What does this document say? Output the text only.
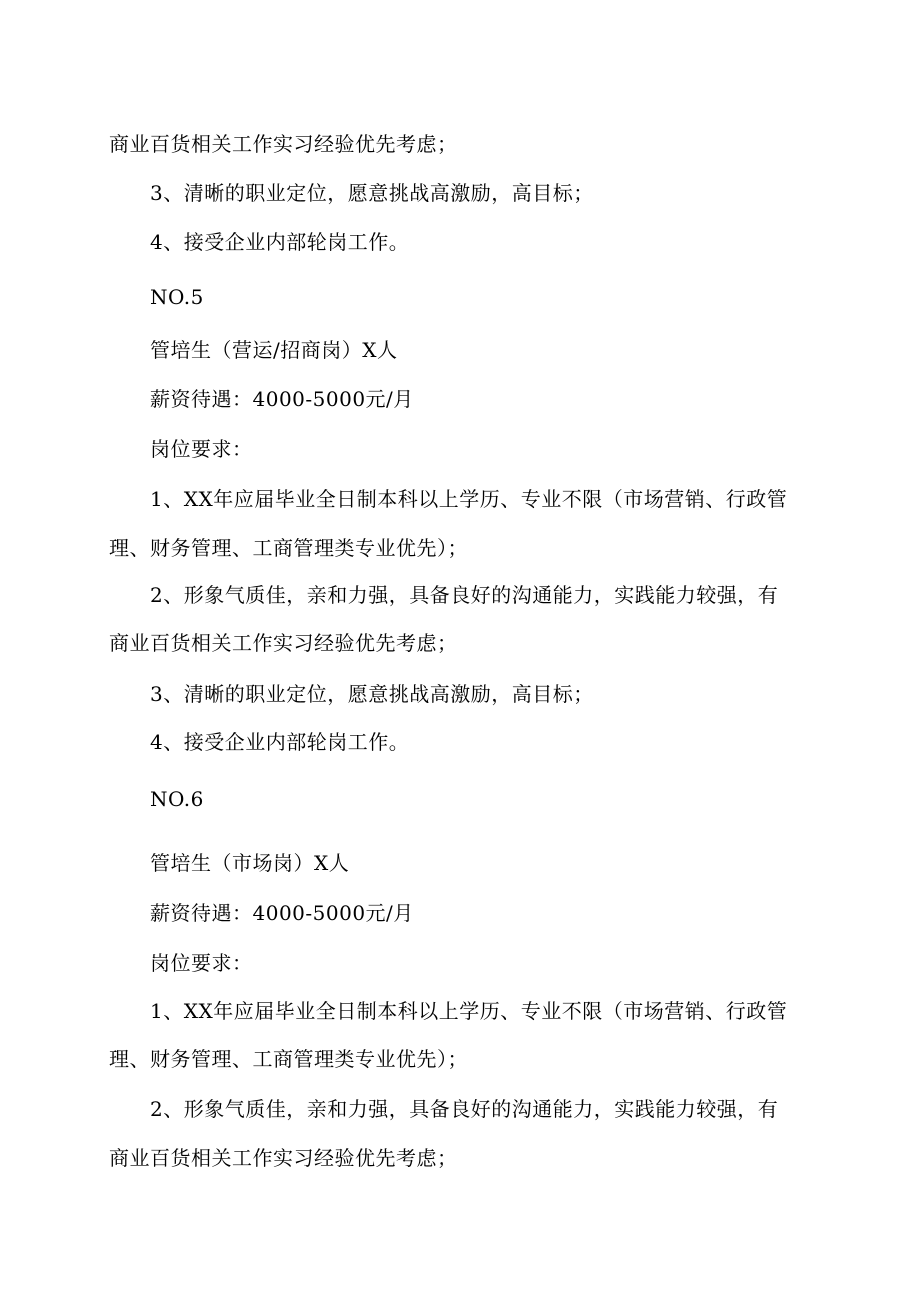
商业百货相关工作实习经验优先考虑；
3、清晰的职业定位，愿意挑战高激励，高目标；
4、接受企业内部轮岗工作。
NO.5
管培生（营运/招商岗）X人
薪资待遇：4000-5000元/月
岗位要求：
1、XX年应届毕业全日制本科以上学历、专业不限（市场营销、行政管
理、财务管理、工商管理类专业优先）；
2、形象气质佳，亲和力强，具备良好的沟通能力，实践能力较强，有
商业百货相关工作实习经验优先考虑；
3、清晰的职业定位，愿意挑战高激励，高目标；
4、接受企业内部轮岗工作。
NO.6
管培生（市场岗）X人
薪资待遇：4000-5000元/月
岗位要求：
1、XX年应届毕业全日制本科以上学历、专业不限（市场营销、行政管
理、财务管理、工商管理类专业优先）；
2、形象气质佳，亲和力强，具备良好的沟通能力，实践能力较强，有
商业百货相关工作实习经验优先考虑；
